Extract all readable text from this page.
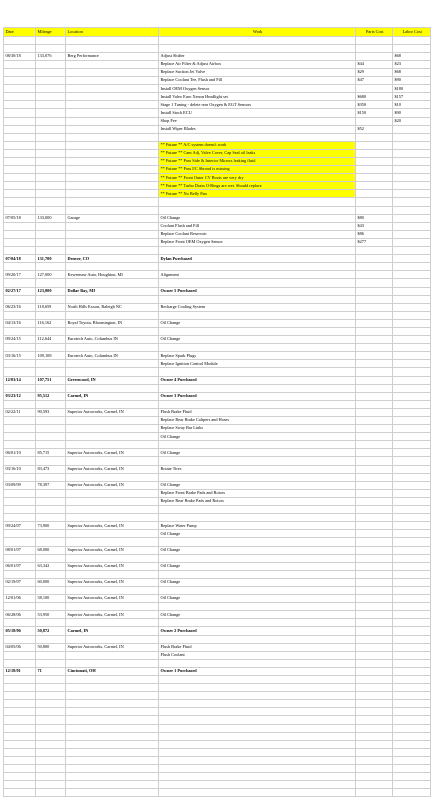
Date	Mileage	Location	Work	Parts Cost	Labor Cost

08/30/18	133,076	Berg Performance	Adjust Shifter		$68
			Replace Air Filter & Adjust Airbox	$44	$23
			Replace Suction Jet Valve	$29	$68
			Replace Coolant Tee, Flush and Fill	$47	$90
			Install OEM Oxygen Sensor		$180
			Install Valeo Euro Xenon Headlight set	$680	$157
			Stage 1 Tuning - delete rear Oxygen & EGT Sensors	$350	$10
			Install Stock ECU	$150	$90
			Shop Fee		$20
			Install Wiper Blades	$52	

			** Future ** A/C system doesn't work		
			** Future ** Cam Adj, Valve Cover, Cap Seal oil leaks		
			** Future ** Pass Side & Interior Mirrors leaking fluid		
			** Future ** Pass I/C Shroud is missing		
			** Future ** Front Outer CV Boots are very dry		
			** Future ** Turbo Drain O-Rings are wet. Should replace		
			** Future ** No Belly Pan		

07/05/18	133,000	Garage	Oil Change	$80	
			Coolant Flush and Fill	$43	
			Replace Coolant Reservoir	$86	
			Replace Front OEM Oxygen Sensor	$277	

07/04/18	131,700	Denver, CO	Dylan Purchased		

09/20/17	127,000	Keweenaw Auto, Houghton, MI	Alignment		

02/27/17	123,000	Dollar Bay, MI	Owner 5 Purchased		

06/23/16	118,659	North Hills Exxon, Raleigh NC	Recharge Cooling System		

04/13/16	116,162	Royal Toyota, Bloomington, IN	Oil Change		

09/24/15	112,644	Eurotech Auto, Columbus IN	Oil Change		

03/16/15	109,108	Eurotech Auto, Columbus IN	Replace Spark Plugs		
			Replace Ignition Control Module		

12/03/14	107,751	Greenwood, IN	Owner 4 Purchased		

03/23/12	95,512	Carmel, IN	Owner 3 Purchased		

02/22/11	90,593	Superior Autoworks, Carmel, IN	Flush Brake Fluid		
			Replace Rear Brake Calipers and Hoses		
			Replace Sway Bar Links		
			Oil Change		

06/01/10	85,715	Superior Autoworks, Carmel, IN	Oil Change		

03/16/10	83,473	Superior Autoworks, Carmel, IN	Rotate Tires		

03/09/09	78,397	Superior Autoworks, Carmel, IN	Oil Change		
			Replace Front Brake Pads and Rotors		
			Replace Rear Brake Pads and Rotors		

09/24/07	73,900	Superior Autoworks, Carmel, IN	Replace Water Pump		
			Oil Change		

08/01/07	68,000	Superior Autoworks, Carmel, IN	Oil Change		

06/01/07	63,342	Superior Autoworks, Carmel, IN	Oil Change		

02/19/07	60,000	Superior Autoworks, Carmel, IN	Oil Change		

12/01/06	58,100	Superior Autoworks, Carmel, IN	Oil Change		

06/28/06	53,950	Superior Autoworks, Carmel, IN	Oil Change		

05/18/06	50,872	Carmel, IN	Owner 2 Purchased		

04/05/06	50,800	Superior Autoworks, Carmel, IN	Flush Brake Fluid		
			Flush Coolant		

12/18/01	71	Cincinnati, OH	Owner 1 Purchased		
